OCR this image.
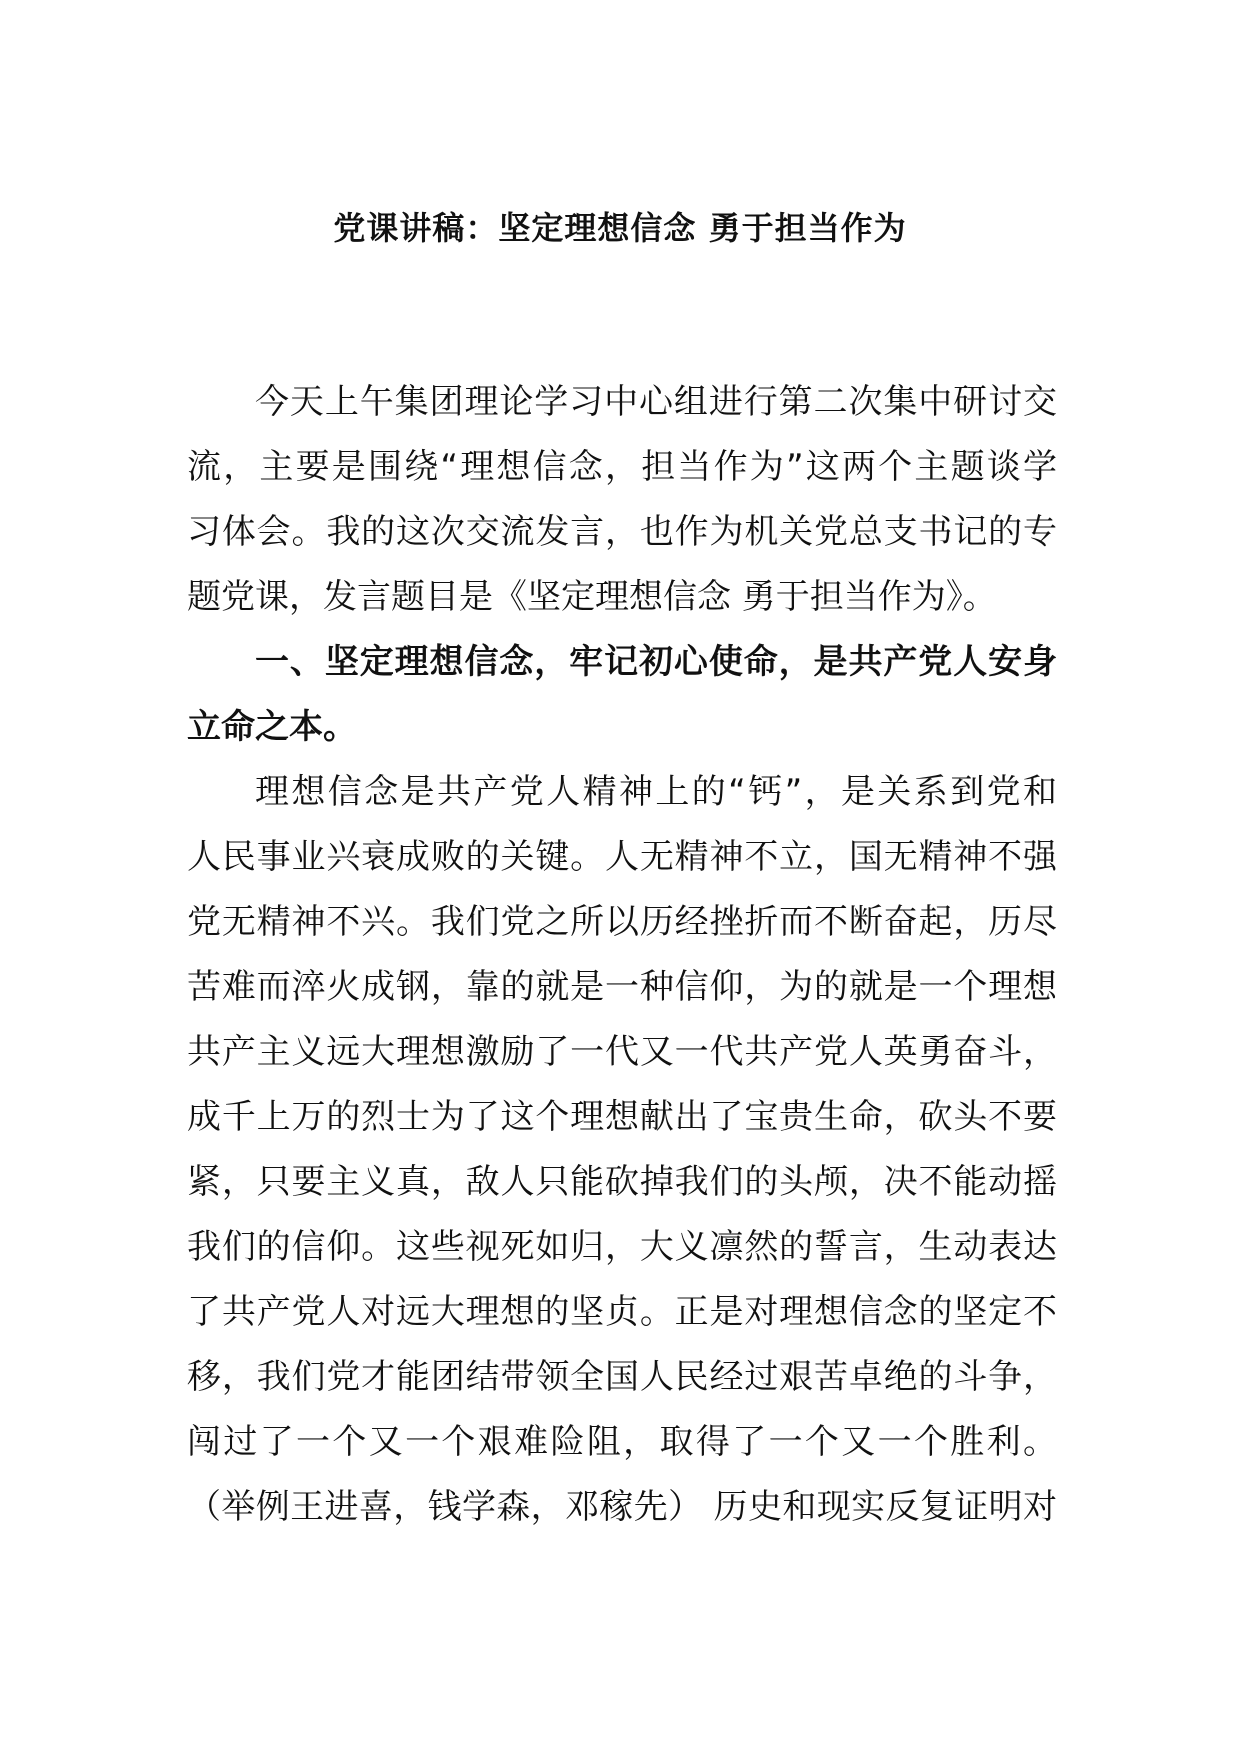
党课讲稿：坚定理想信念 勇于担当作为

今天上午集团理论学习中心组进行第二次集中研讨交

流，主要是围绕“理想信念，担当作为”这两个主题谈学

习体会。我的这次交流发言，也作为机关党总支书记的专

题党课，发言题目是《坚定理想信念 勇于担当作为》。

一、坚定理想信念，牢记初心使命，是共产党人安身

立命之本。

理想信念是共产党人精神上的“钙”，是关系到党和

人民事业兴衰成败的关键。人无精神不立，国无精神不强

党无精神不兴。我们党之所以历经挫折而不断奋起，历尽

苦难而淬火成钢，靠的就是一种信仰，为的就是一个理想

共产主义远大理想激励了一代又一代共产党人英勇奋斗，

成千上万的烈士为了这个理想献出了宝贵生命，砍头不要

紧，只要主义真，敌人只能砍掉我们的头颅，决不能动摇

我们的信仰。这些视死如归，大义凛然的誓言，生动表达

了共产党人对远大理想的坚贞。正是对理想信念的坚定不

移，我们党才能团结带领全国人民经过艰苦卓绝的斗争，

闯过了一个又一个艰难险阻，取得了一个又一个胜利。

（举例王进喜，钱学森，邓稼先） 历史和现实反复证明对
